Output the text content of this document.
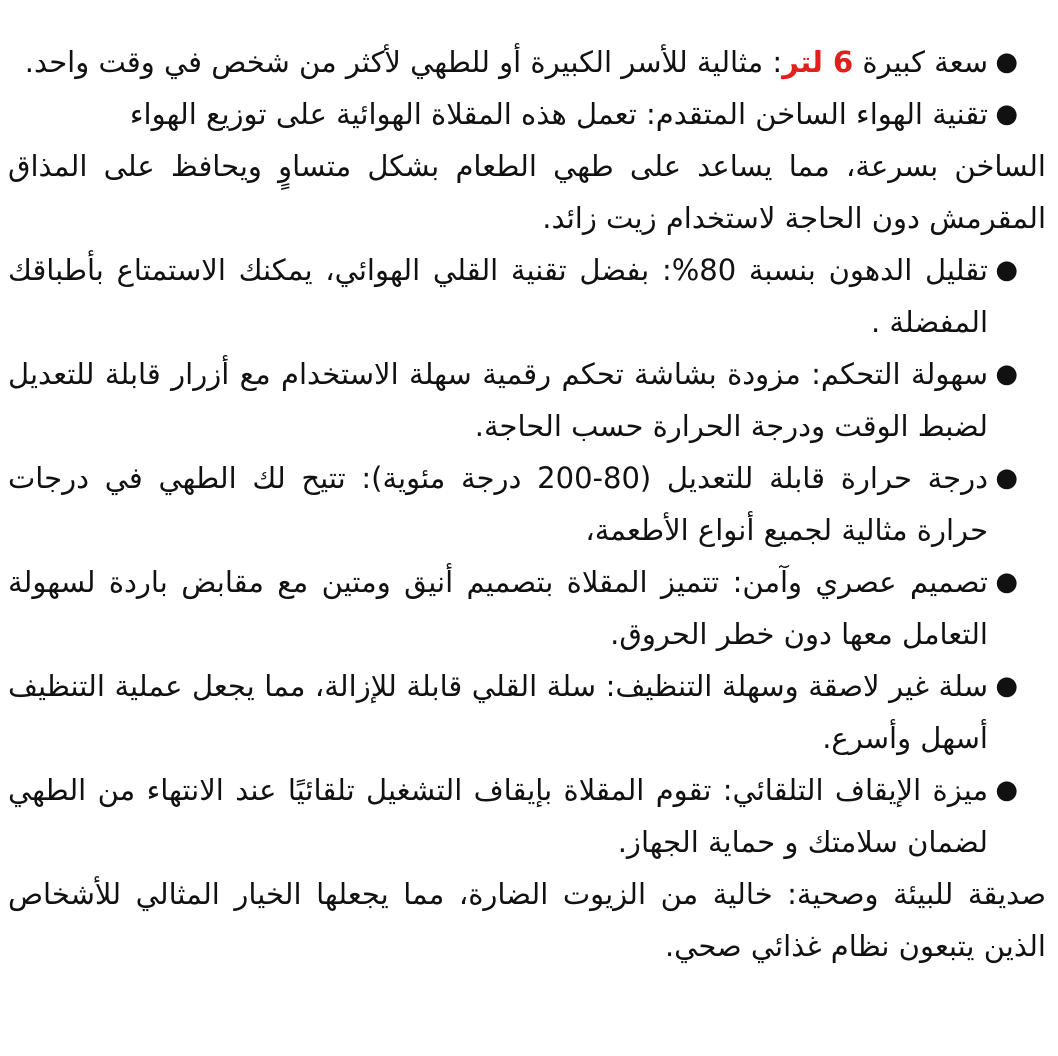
●
سعة كبيرة 6 لتر: مثالية للأسر الكبيرة أو للطهي لأكثر من شخص في وقت واحد.
●
تقنية الهواء الساخن المتقدم: تعمل هذه المقلاة الهوائية على توزيع الهواء

الساخن بسرعة، مما يساعد على طهي الطعام بشكل متساوٍ ويحافظ على المذاق المقرمش دون الحاجة لاستخدام زيت زائد.

●
تقليل الدهون بنسبة 80%: بفضل تقنية القلي الهوائي، يمكنك الاستمتاع بأطباقك المفضلة .
●
سهولة التحكم: مزودة بشاشة تحكم رقمية سهلة الاستخدام مع أزرار قابلة للتعديل لضبط الوقت ودرجة الحرارة حسب الحاجة.
●
درجة حرارة قابلة للتعديل (80-200 درجة مئوية): تتيح لك الطهي في درجات حرارة مثالية لجميع أنواع الأطعمة،
●
تصميم عصري وآمن: تتميز المقلاة بتصميم أنيق ومتين مع مقابض باردة لسهولة التعامل معها دون خطر الحروق.
●
سلة غير لاصقة وسهلة التنظيف: سلة القلي قابلة للإزالة، مما يجعل عملية التنظيف أسهل وأسرع.
●
ميزة الإيقاف التلقائي: تقوم المقلاة بإيقاف التشغيل تلقائيًا عند الانتهاء من الطهي لضمان سلامتك و حماية الجهاز.

صديقة للبيئة وصحية: خالية من الزيوت الضارة، مما يجعلها الخيار المثالي للأشخاص الذين يتبعون نظام غذائي صحي.
